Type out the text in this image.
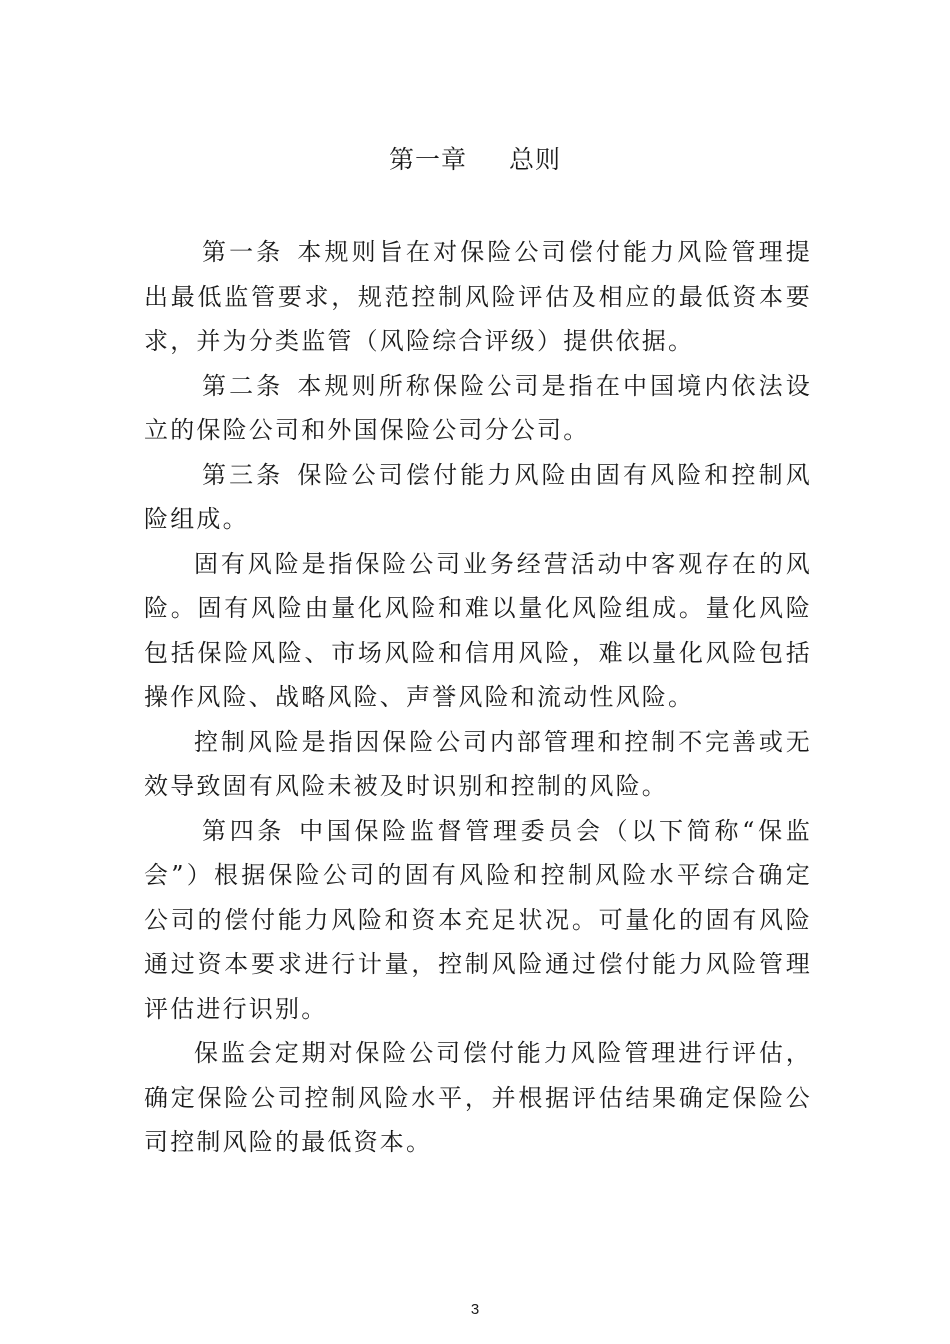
第一章 总则

第一条 本规则旨在对保险公司偿付能力风险管理提出最低监管要求，规范控制风险评估及相应的最低资本要求，并为分类监管（风险综合评级）提供依据。

第二条 本规则所称保险公司是指在中国境内依法设立的保险公司和外国保险公司分公司。

第三条 保险公司偿付能力风险由固有风险和控制风险组成。

固有风险是指保险公司业务经营活动中客观存在的风险。固有风险由量化风险和难以量化风险组成。量化风险包括保险风险、市场风险和信用风险，难以量化风险包括操作风险、战略风险、声誉风险和流动性风险。

控制风险是指因保险公司内部管理和控制不完善或无效导致固有风险未被及时识别和控制的风险。

第四条 中国保险监督管理委员会（以下简称“保监会”）根据保险公司的固有风险和控制风险水平综合确定公司的偿付能力风险和资本充足状况。可量化的固有风险通过资本要求进行计量，控制风险通过偿付能力风险管理评估进行识别。

保监会定期对保险公司偿付能力风险管理进行评估，确定保险公司控制风险水平，并根据评估结果确定保险公司控制风险的最低资本。

3
